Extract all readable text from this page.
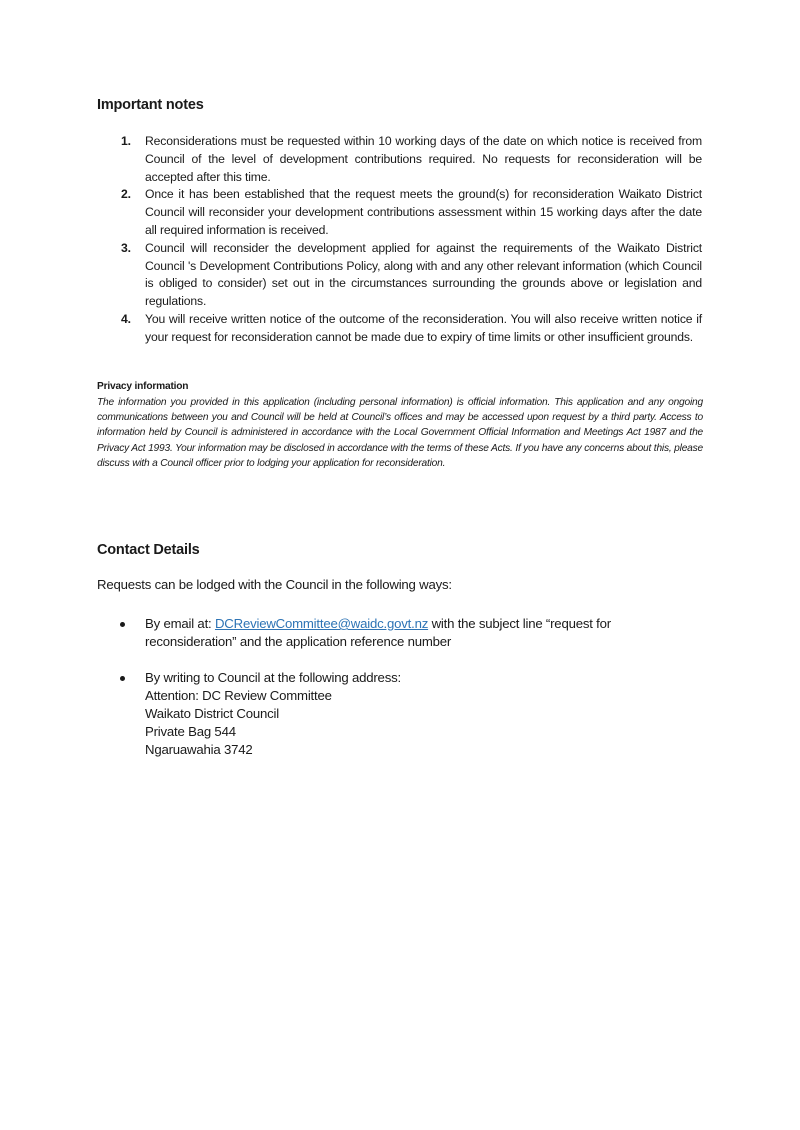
Important notes
1. Reconsiderations must be requested within 10 working days of the date on which notice is received from Council of the level of development contributions required. No requests for reconsideration will be accepted after this time.
2. Once it has been established that the request meets the ground(s) for reconsideration Waikato District Council will reconsider your development contributions assessment within 15 working days after the date all required information is received.
3. Council will reconsider the development applied for against the requirements of the Waikato District Council 's Development Contributions Policy, along with and any other relevant information (which Council is obliged to consider) set out in the circumstances surrounding the grounds above or legislation and regulations.
4. You will receive written notice of the outcome of the reconsideration. You will also receive written notice if your request for reconsideration cannot be made due to expiry of time limits or other insufficient grounds.
Privacy information
The information you provided in this application (including personal information) is official information. This application and any ongoing communications between you and Council will be held at Council’s offices and may be accessed upon request by a third party. Access to information held by Council is administered in accordance with the Local Government Official Information and Meetings Act 1987 and the Privacy Act 1993. Your information may be disclosed in accordance with the terms of these Acts. If you have any concerns about this, please discuss with a Council officer prior to lodging your application for reconsideration.
Contact Details
Requests can be lodged with the Council in the following ways:
By email at: DCReviewCommittee@waidc.govt.nz with the subject line “request for reconsideration” and the application reference number
By writing to Council at the following address:
Attention: DC Review Committee
Waikato District Council
Private Bag 544
Ngaruawahia 3742
